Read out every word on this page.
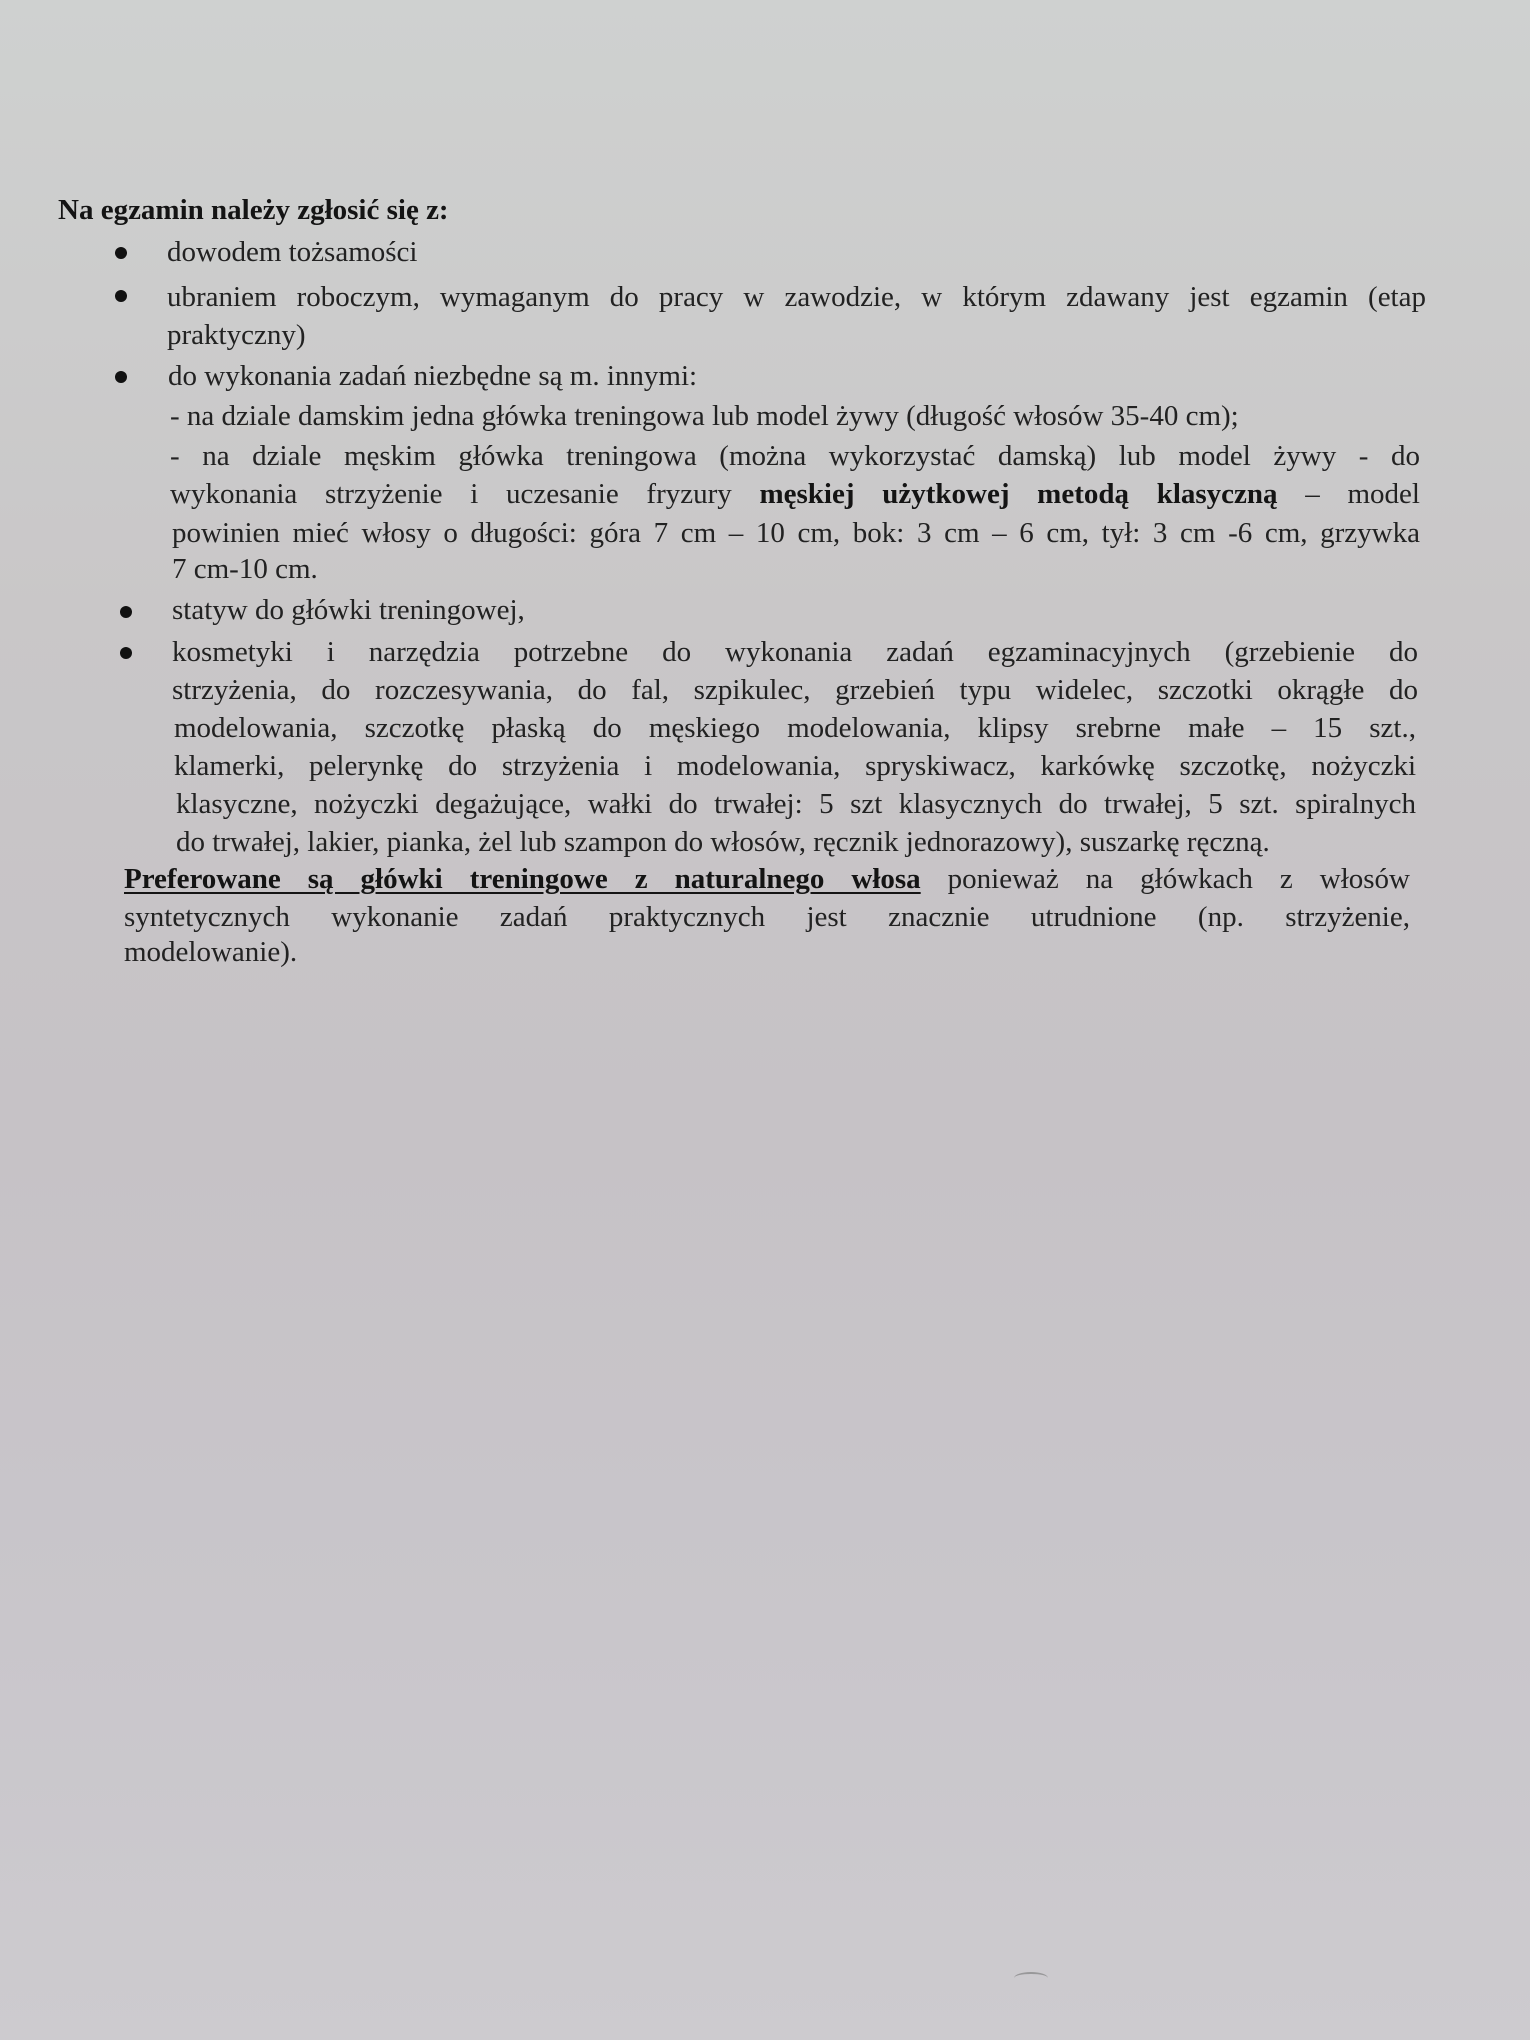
Na egzamin należy zgłosić się z:
dowodem tożsamości
ubraniem roboczym, wymaganym do pracy w zawodzie, w którym zdawany jest egzamin (etap
praktyczny)
do wykonania zadań niezbędne są m. innymi:
- na dziale damskim jedna główka treningowa lub model żywy (długość włosów 35-40 cm);
- na dziale męskim główka treningowa (można wykorzystać damską) lub model żywy - do
wykonania strzyżenie i uczesanie fryzury męskiej użytkowej metodą klasyczną – model
powinien mieć włosy o długości: góra 7 cm – 10 cm, bok: 3 cm – 6 cm, tył: 3 cm -6 cm, grzywka
7 cm-10 cm.
statyw do główki treningowej,
kosmetyki i narzędzia potrzebne do wykonania zadań egzaminacyjnych (grzebienie do
strzyżenia, do rozczesywania, do fal, szpikulec, grzebień typu widelec, szczotki okrągłe do
modelowania, szczotkę płaską do męskiego modelowania, klipsy srebrne małe – 15 szt.,
klamerki, pelerynkę do strzyżenia i modelowania, spryskiwacz, karkówkę szczotkę, nożyczki
klasyczne, nożyczki degażujące, wałki do trwałej: 5 szt klasycznych do trwałej, 5 szt. spiralnych
do trwałej, lakier, pianka, żel lub szampon do włosów, ręcznik jednorazowy), suszarkę ręczną.
Preferowane są główki treningowe z naturalnego włosa ponieważ na główkach z włosów
syntetycznych wykonanie zadań praktycznych jest znacznie utrudnione (np. strzyżenie,
modelowanie).
